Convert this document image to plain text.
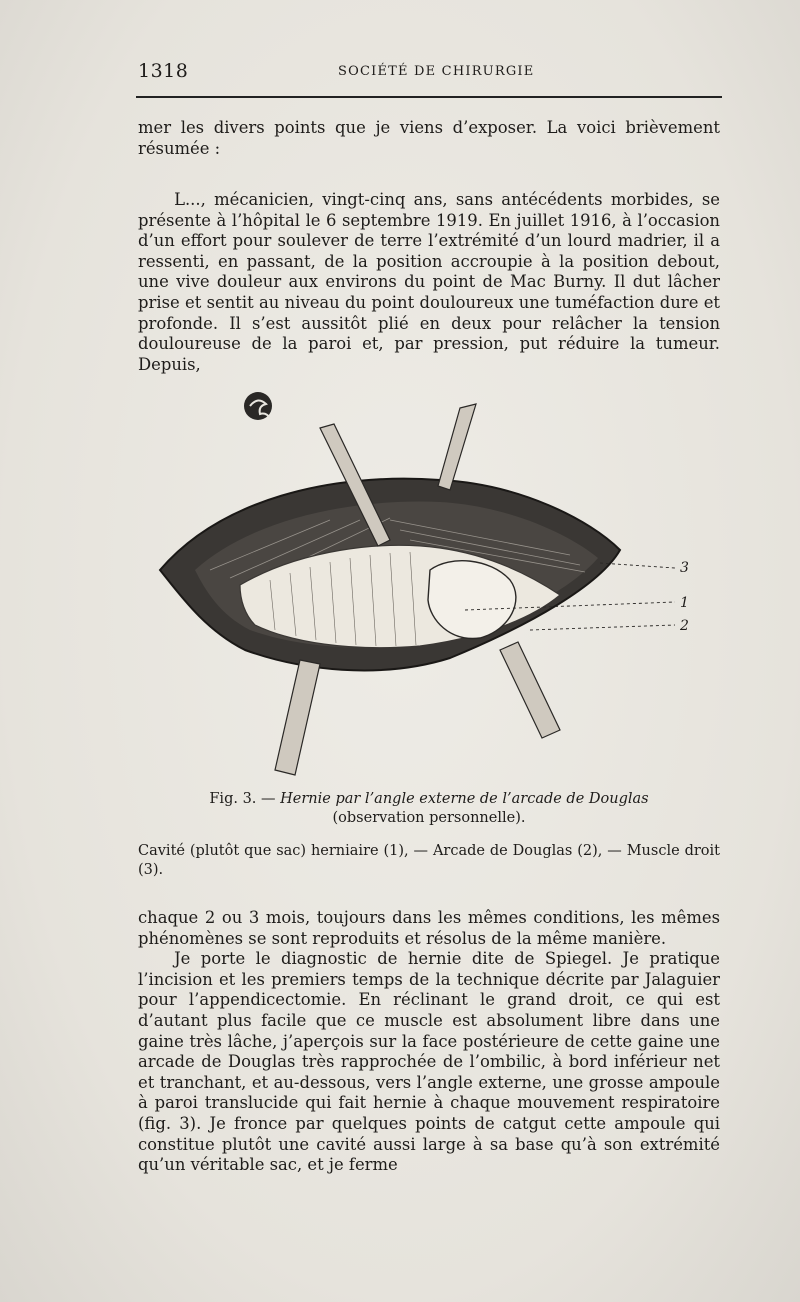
1318	SOCIÉTÉ DE CHIRURGIE

mer les divers points que je viens d’exposer. La voici brièvement résumée :

L..., mécanicien, vingt-cinq ans, sans antécédents morbides, se présente à l’hôpital le 6 septembre 1919. En juillet 1916, à l’occasion d’un effort pour soulever de terre l’extrémité d’un lourd madrier, il a ressenti, en passant, de la position accroupie à la position debout, une vive douleur aux environs du point de Mac Burny. Il dut lâcher prise et sentit au niveau du point douloureux une tuméfaction dure et profonde. Il s’est aussitôt plié en deux pour relâcher la tension douloureuse de la paroi et, par pression, put réduire la tumeur. Depuis,

3
1
2
Fig. 3. — Hernie par l’angle externe de l’arcade de Douglas
(observation personnelle).
Cavité (plutôt que sac) herniaire (1), — Arcade de Douglas (2), — Muscle droit (3).

chaque 2 ou 3 mois, toujours dans les mêmes conditions, les mêmes phénomènes se sont reproduits et résolus de la même manière.

Je porte le diagnostic de hernie dite de Spiegel. Je pratique l’incision et les premiers temps de la technique décrite par Jalaguier pour l’appendicectomie. En réclinant le grand droit, ce qui est d’autant plus facile que ce muscle est absolument libre dans une gaine très lâche, j’aperçois sur la face postérieure de cette gaine une arcade de Douglas très rapprochée de l’ombilic, à bord inférieur net et tranchant, et au-dessous, vers l’angle externe, une grosse ampoule à paroi translucide qui fait hernie à chaque mouvement respiratoire (fig. 3). Je fronce par quelques points de catgut cette ampoule qui constitue plutôt une cavité aussi large à sa base qu’à son extrémité qu’un véritable sac, et je ferme
